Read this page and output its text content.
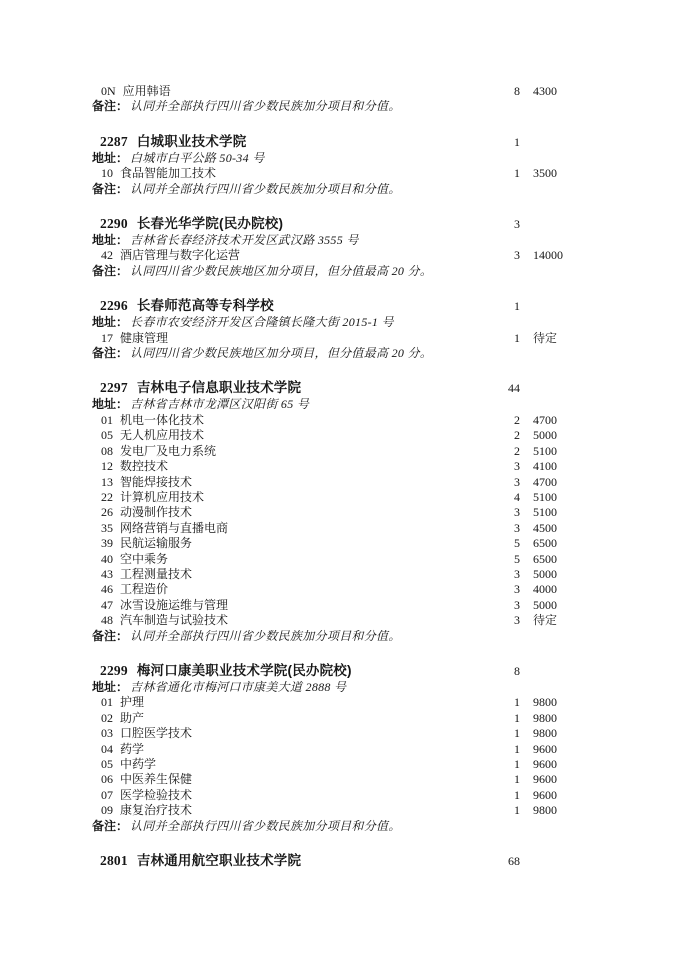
0N 应用韩语	8 4300
备注： 认同并全部执行四川省少数民族加分项目和分值。
2287 白城职业技术学院	1
地址： 白城市白平公路 50-34 号
10 食品智能加工技术	1 3500
备注： 认同并全部执行四川省少数民族加分项目和分值。
2290 长春光华学院(民办院校)	3
地址： 吉林省长春经济技术开发区武汉路 3555 号
42 酒店管理与数字化运营	3 14000
备注： 认同四川省少数民族地区加分项目，但分值最高 20 分。
2296 长春师范高等专科学校	1
地址： 长春市农安经济开发区合隆镇长隆大街 2015-1 号
17 健康管理	1 待定
备注： 认同四川省少数民族地区加分项目，但分值最高 20 分。
2297 吉林电子信息职业技术学院	44
地址： 吉林省吉林市龙潭区汉阳街 65 号
01 机电一体化技术	2 4700
05 无人机应用技术	2 5000
08 发电厂及电力系统	2 5100
12 数控技术	3 4100
13 智能焊接技术	3 4700
22 计算机应用技术	4 5100
26 动漫制作技术	3 5100
35 网络营销与直播电商	3 4500
39 民航运输服务	5 6500
40 空中乘务	5 6500
43 工程测量技术	3 5000
46 工程造价	3 4000
47 冰雪设施运维与管理	3 5000
48 汽车制造与试验技术	3 待定
备注： 认同并全部执行四川省少数民族加分项目和分值。
2299 梅河口康美职业技术学院(民办院校)	8
地址： 吉林省通化市梅河口市康美大道 2888 号
01 护理	1 9800
02 助产	1 9800
03 口腔医学技术	1 9800
04 药学	1 9600
05 中药学	1 9600
06 中医养生保健	1 9600
07 医学检验技术	1 9600
09 康复治疗技术	1 9800
备注： 认同并全部执行四川省少数民族加分项目和分值。
2801 吉林通用航空职业技术学院	68
